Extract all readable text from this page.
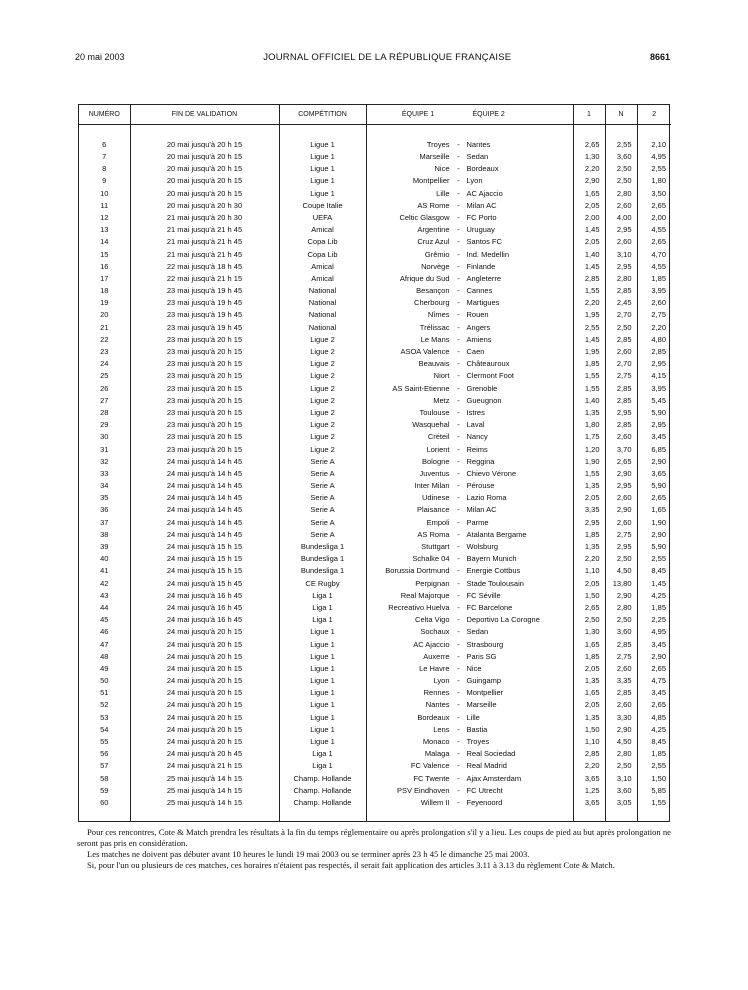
20 mai 2003	JOURNAL OFFICIEL DE LA RÉPUBLIQUE FRANÇAISE	8661
NUMÉRO	FIN DE VALIDATION	COMPÉTITION	ÉQUIPE 1 ÉQUIPE 2	1	N	2

6	20 mai jusqu'à 20 h 15	Ligue 1	Troyes - Nantes	2,65	2,55	2,10
7	20 mai jusqu'à 20 h 15	Ligue 1	Marseille - Sedan	1,30	3,60	4,95
8	20 mai jusqu'à 20 h 15	Ligue 1	Nice - Bordeaux	2,20	2,50	2,55
9	20 mai jusqu'à 20 h 15	Ligue 1	Montpellier - Lyon	2,90	2,50	1,80
10	20 mai jusqu'à 20 h 15	Ligue 1	Lille - AC Ajaccio	1,65	2,80	3,50
11	20 mai jusqu'à 20 h 30	Coupe Italie	AS Rome - Milan AC	2,05	2,60	2,65
12	21 mai jusqu'à 20 h 30	UEFA	Celtic Glasgow - FC Porto	2,00	4,00	2,00
13	21 mai jusqu'à 21 h 45	Amical	Argentine - Uruguay	1,45	2,95	4,55
14	21 mai jusqu'à 21 h 45	Copa Lib	Cruz Azul - Santos FC	2,05	2,60	2,65
15	21 mai jusqu'à 21 h 45	Copa Lib	Grêmio - Ind. Medellin	1,40	3,10	4,70
16	22 mai jusqu'à 18 h 45	Amical	Norvège - Finlande	1,45	2,95	4,55
17	22 mai jusqu'à 21 h 15	Amical	Afrique du Sud - Angleterre	2,85	2,80	1,85
18	23 mai jusqu'à 19 h 45	National	Besançon - Cannes	1,55	2,85	3,95
19	23 mai jusqu'à 19 h 45	National	Cherbourg - Martigues	2,20	2,45	2,60
20	23 mai jusqu'à 19 h 45	National	Nîmes - Rouen	1,95	2,70	2,75
21	23 mai jusqu'à 19 h 45	National	Trélissac - Angers	2,55	2,50	2,20
22	23 mai jusqu'à 20 h 15	Ligue 2	Le Mans - Amiens	1,45	2,85	4,80
23	23 mai jusqu'à 20 h 15	Ligue 2	ASOA Valence - Caen	1,95	2,60	2,85
24	23 mai jusqu'à 20 h 15	Ligue 2	Beauvais - Châteauroux	1,85	2,70	2,95
25	23 mai jusqu'à 20 h 15	Ligue 2	Niort - Clermont Foot	1,55	2,75	4,15
26	23 mai jusqu'à 20 h 15	Ligue 2	AS Saint-Etienne - Grenoble	1,55	2,85	3,95
27	23 mai jusqu'à 20 h 15	Ligue 2	Metz - Gueugnon	1,40	2,85	5,45
28	23 mai jusqu'à 20 h 15	Ligue 2	Toulouse - Istres	1,35	2,95	5,90
29	23 mai jusqu'à 20 h 15	Ligue 2	Wasquehal - Laval	1,80	2,85	2,95
30	23 mai jusqu'à 20 h 15	Ligue 2	Créteil - Nancy	1,75	2,60	3,45
31	23 mai jusqu'à 20 h 15	Ligue 2	Lorient - Reims	1,20	3,70	6,85
32	24 mai jusqu'à 14 h 45	Serie A	Bologne - Reggina	1,90	2,65	2,90
33	24 mai jusqu'à 14 h 45	Serie A	Juventus - Chievo Vérone	1,55	2,90	3,65
34	24 mai jusqu'à 14 h 45	Serie A	Inter Milan - Pérouse	1,35	2,95	5,90
35	24 mai jusqu'à 14 h 45	Serie A	Udinese - Lazio Roma	2,05	2,60	2,65
36	24 mai jusqu'à 14 h 45	Serie A	Plaisance - Milan AC	3,35	2,90	1,65
37	24 mai jusqu'à 14 h 45	Serie A	Empoli - Parme	2,95	2,60	1,90
38	24 mai jusqu'à 14 h 45	Serie A	AS Roma - Atalanta Bergame	1,85	2,75	2,90
39	24 mai jusqu'à 15 h 15	Bundesliga 1	Stuttgart - Wolsburg	1,35	2,95	5,90
40	24 mai jusqu'à 15 h 15	Bundesliga 1	Schalke 04 - Bayern Munich	2,20	2,50	2,55
41	24 mai jusqu'à 15 h 15	Bundesliga 1	Borussia Dortmund - Energie Cottbus	1,10	4,50	8,45
42	24 mai jusqu'à 15 h 45	CE Rugby	Perpignan - Stade Toulousain	2,05	13,80	1,45
43	24 mai jusqu'à 16 h 45	Liga 1	Real Majorque - FC Séville	1,50	2,90	4,25
44	24 mai jusqu'à 16 h 45	Liga 1	Recreativo Huelva - FC Barcelone	2,65	2,80	1,85
45	24 mai jusqu'à 16 h 45	Liga 1	Celta Vigo - Deportivo La Corogne	2,50	2,50	2,25
46	24 mai jusqu'à 20 h 15	Ligue 1	Sochaux - Sedan	1,30	3,60	4,95
47	24 mai jusqu'à 20 h 15	Ligue 1	AC Ajaccio - Strasbourg	1,65	2,85	3,45
48	24 mai jusqu'à 20 h 15	Ligue 1	Auxerre - Paris SG	1,85	2,75	2,90
49	24 mai jusqu'à 20 h 15	Ligue 1	Le Havre - Nice	2,05	2,60	2,65
50	24 mai jusqu'à 20 h 15	Ligue 1	Lyon - Guingamp	1,35	3,35	4,75
51	24 mai jusqu'à 20 h 15	Ligue 1	Rennes - Montpellier	1,65	2,85	3,45
52	24 mai jusqu'à 20 h 15	Ligue 1	Nantes - Marseille	2,05	2,60	2,65
53	24 mai jusqu'à 20 h 15	Ligue 1	Bordeaux - Lille	1,35	3,30	4,85
54	24 mai jusqu'à 20 h 15	Ligue 1	Lens - Bastia	1,50	2,90	4,25
55	24 mai jusqu'à 20 h 15	Ligue 1	Monaco - Troyes	1,10	4,50	8,45
56	24 mai jusqu'à 20 h 45	Liga 1	Malaga - Real Sociedad	2,85	2,80	1,85
57	24 mai jusqu'à 21 h 15	Liga 1	FC Valence - Real Madrid	2,20	2,50	2,55
58	25 mai jusqu'à 14 h 15	Champ. Hollande	FC Twente - Ajax Amsterdam	3,65	3,10	1,50
59	25 mai jusqu'à 14 h 15	Champ. Hollande	PSV Eindhoven - FC Utrecht	1,25	3,60	5,85
60	25 mai jusqu'à 14 h 15	Champ. Hollande	Willem II - Feyenoord	3,65	3,05	1,55

Pour ces rencontres, Cote & Match prendra les résultats à la fin du temps réglementaire ou après prolongation s'il y a lieu. Les coups de pied au but après prolongation ne seront pas pris en considération.

Les matches ne doivent pas débuter avant 10 heures le lundi 19 mai 2003 ou se terminer après 23 h 45 le dimanche 25 mai 2003.

Si, pour l'un ou plusieurs de ces matches, ces horaires n'étaient pas respectés, il serait fait application des articles 3.11 à 3.13 du règlement Cote & Match.
